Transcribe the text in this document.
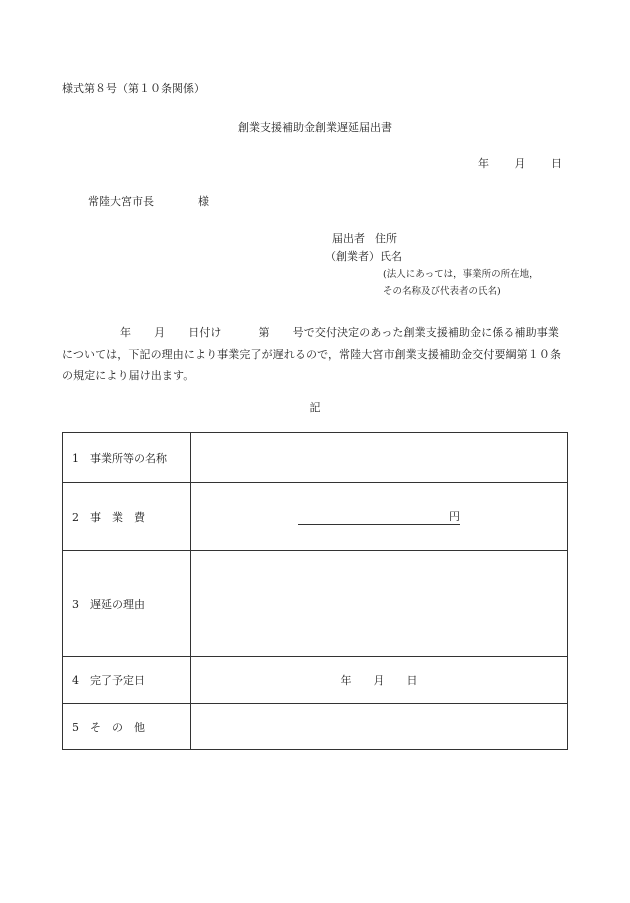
様式第８号（第１０条関係）
創業支援補助金創業遅延届出書
年 月 日
常陸大宮市長	様
届出者 住所
（創業者）氏名
(法人にあっては，事業所の所在地，
その名称及び代表者の氏名)
年 月 日付け	第 号で交付決定のあった創業支援補助金に係る補助事業については，下記の理由により事業完了が遅れるので，常陸大宮市創業支援補助金交付要綱第１０条の規定により届け出ます。
記
1　事業所等の名称	
2　事　業　費	円
3　遅延の理由	
4　完了予定日	年　　月　　日
5　そ　の　他	
